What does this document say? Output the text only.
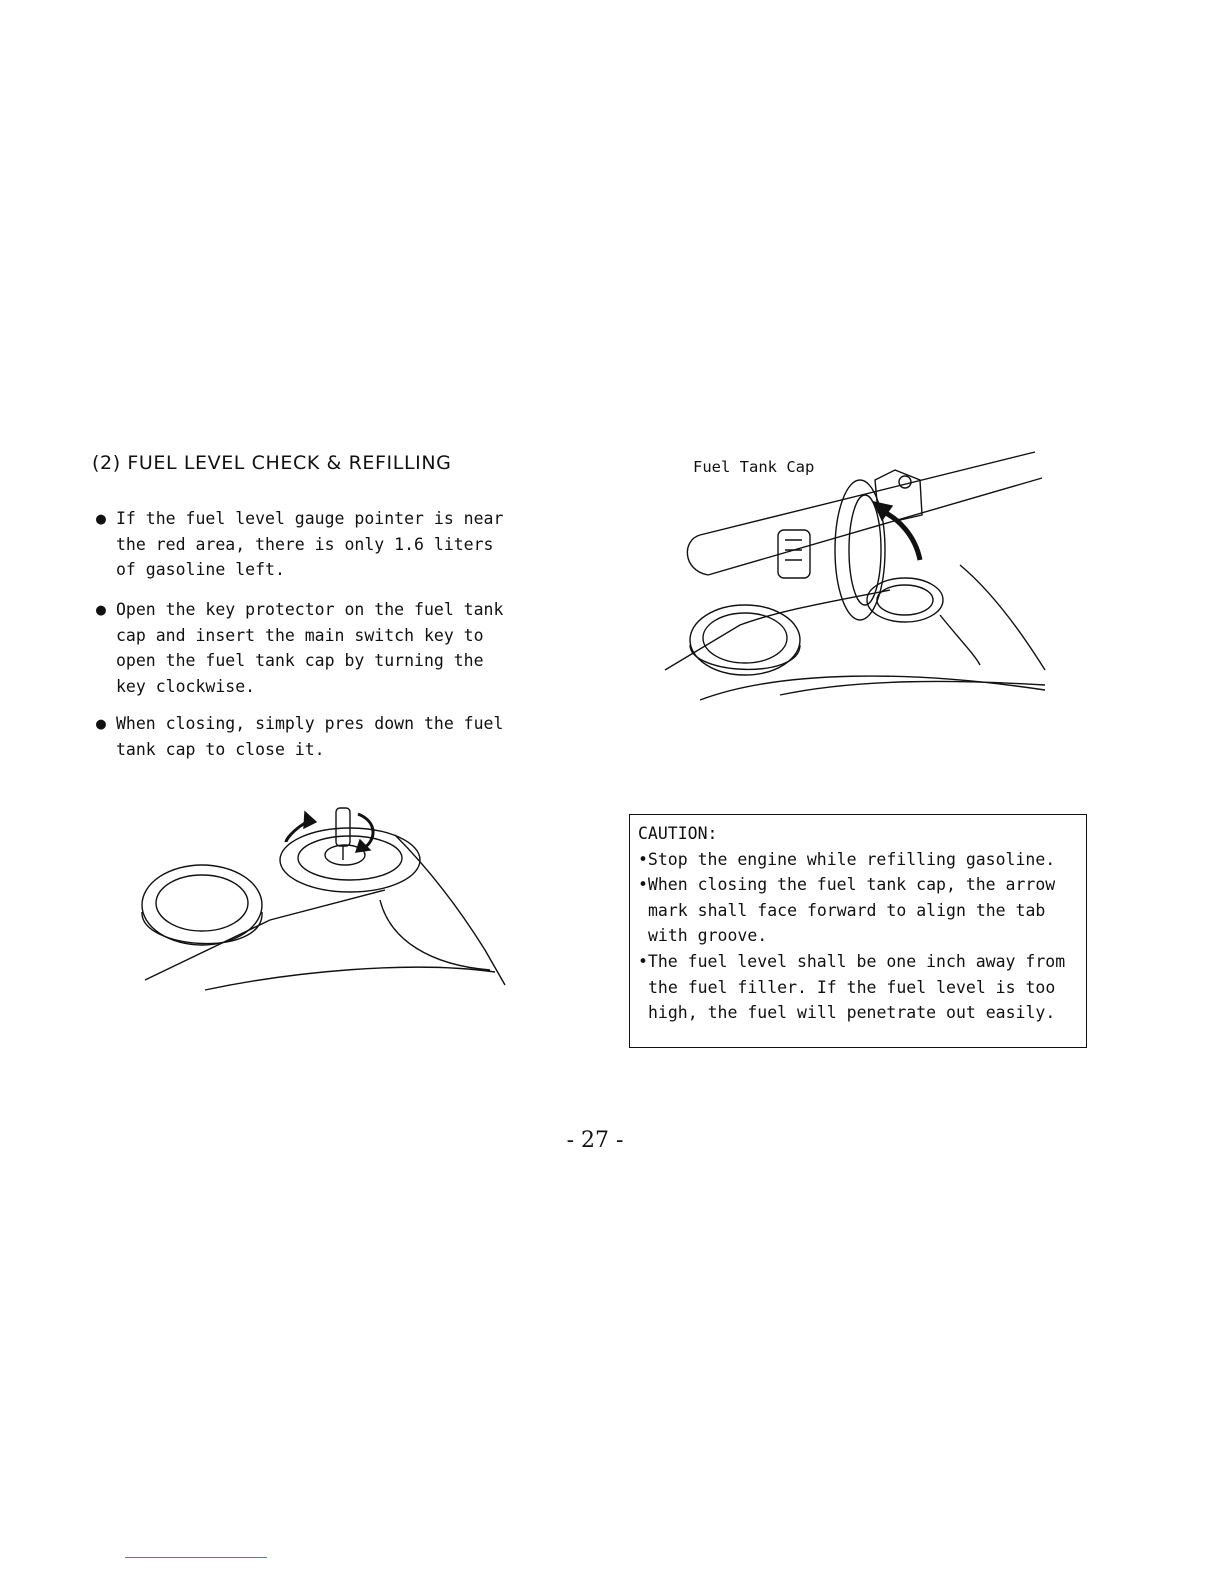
(2) FUEL LEVEL CHECK & REFILLING
● If the fuel level gauge pointer is near
the red area, there is only 1.6 liters
of gasoline left.
● Open the key protector on the fuel tank
cap and insert the main switch key to
open the fuel tank cap by turning the
key clockwise.
● When closing, simply pres down the fuel
tank cap to close it.
Fuel Tank Cap
CAUTION:
•Stop the engine while refilling gasoline.
•When closing the fuel tank cap, the arrow
mark shall face forward to align the tab
with groove.
•The fuel level shall be one inch away from
the fuel filler. If the fuel level is too
high, the fuel will penetrate out easily.
- 27 -
